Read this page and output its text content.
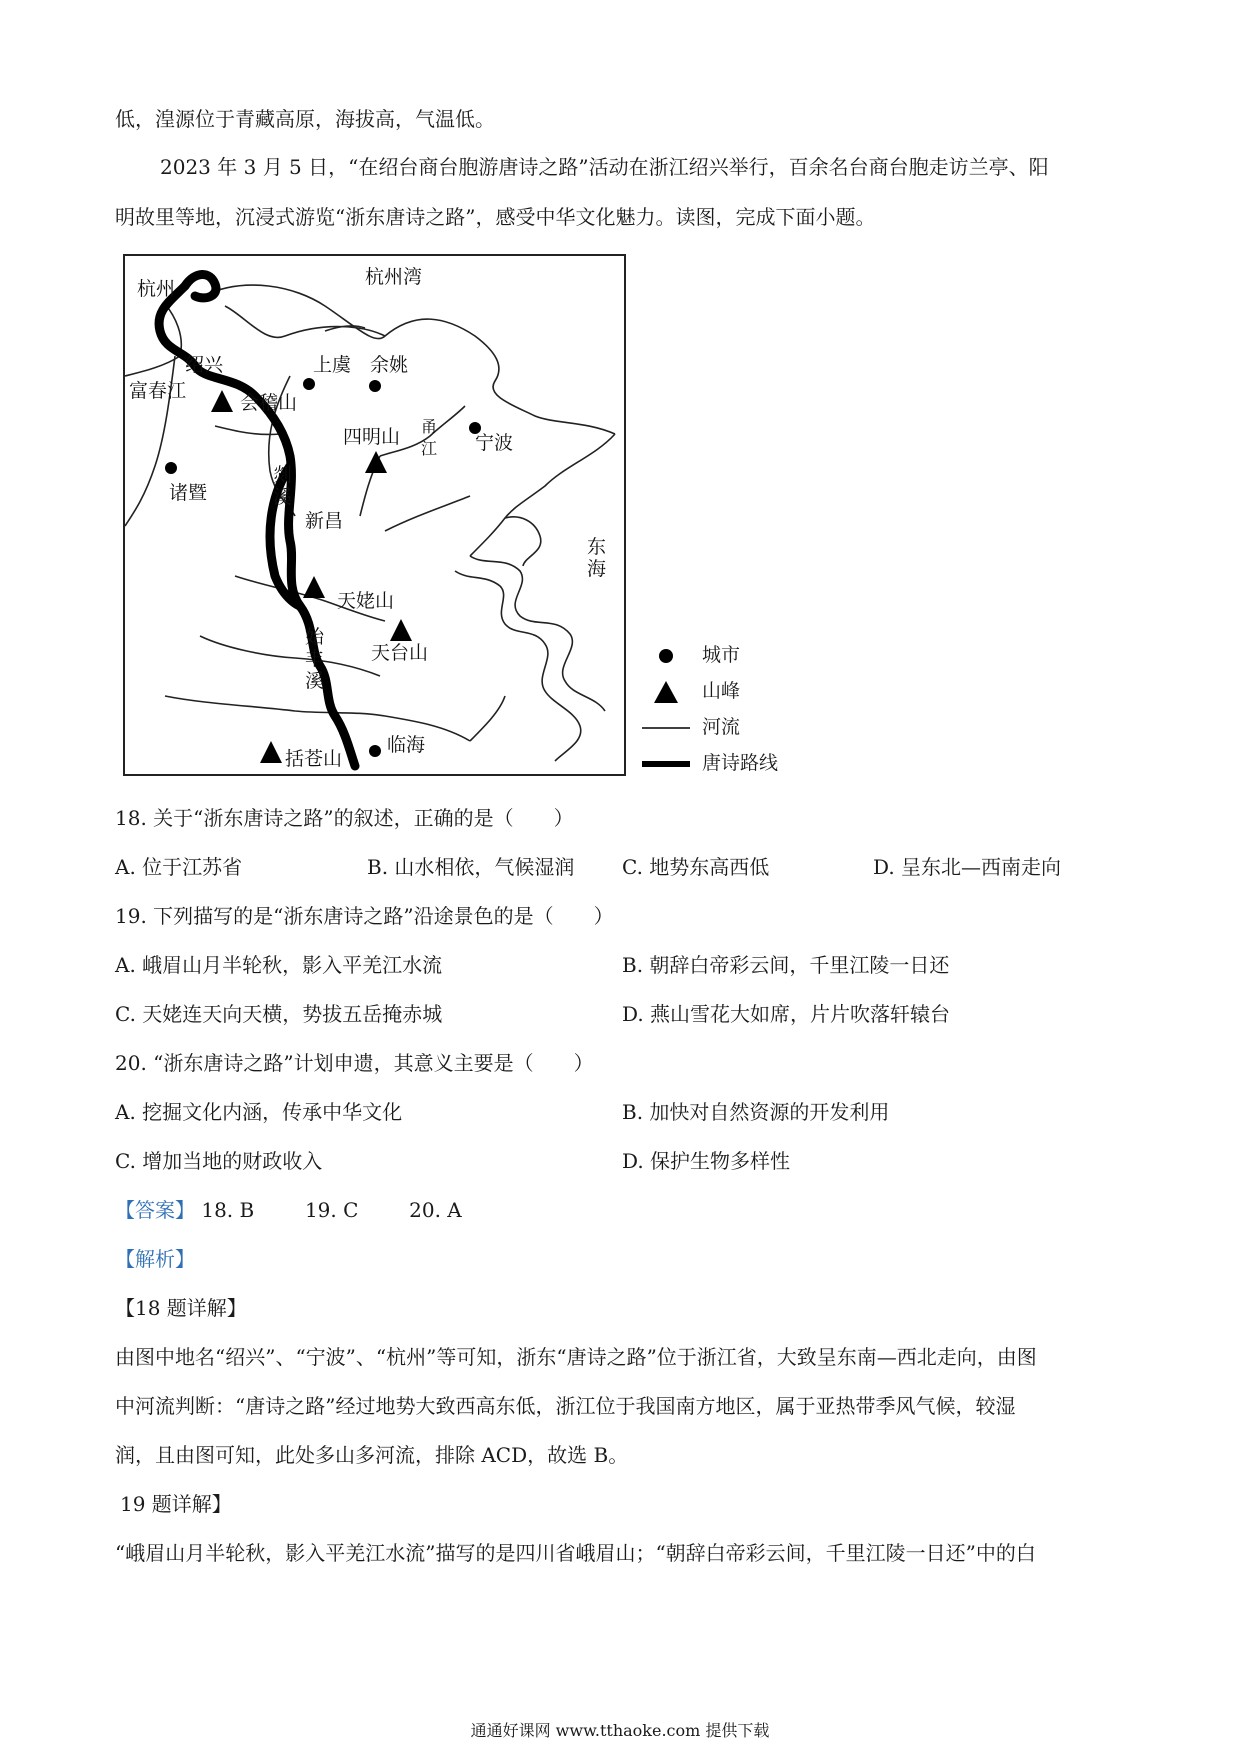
低，湟源位于青藏高原，海拔高，气温低。
2023 年 3 月 5 日，“在绍台商台胞游唐诗之路”活动在浙江绍兴举行，百余名台商台胞走访兰亭、阳
明故里等地，沉浸式游览“浙东唐诗之路”，感受中华文化魅力。读图，完成下面小题。
杭州
杭州湾
绍兴	上虞 余姚
富春江
会稽山
四明山 甬江	宁波
诸暨
剡溪
新昌
东海
天姥山
天台山
始丰溪
临海
括苍山
城市
山峰
河流
唐诗路线
18. 关于“浙东唐诗之路”的叙述，正确的是（　　）
A. 位于江苏省	B. 山水相依，气候湿润 C. 地势东高西低	D. 呈东北—西南走向
19. 下列描写的是“浙东唐诗之路”沿途景色的是（　　）
A. 峨眉山月半轮秋，影入平羌江水流	B. 朝辞白帝彩云间，千里江陵一日还
C. 天姥连天向天横，势拔五岳掩赤城	D. 燕山雪花大如席，片片吹落轩辕台
20. “浙东唐诗之路”计划申遗，其意义主要是（　　）
A. 挖掘文化内涵，传承中华文化	B. 加快对自然资源的开发利用
C. 增加当地的财政收入	D. 保护生物多样性
【答案】 18. B	19. C	20. A
【解析】
【18 题详解】
由图中地名“绍兴”、“宁波”、“杭州”等可知，浙东“唐诗之路”位于浙江省，大致呈东南—西北走向，由图
中河流判断：“唐诗之路”经过地势大致西高东低，浙江位于我国南方地区，属于亚热带季风气候，较湿
润，且由图可知，此处多山多河流，排除 ACD，故选 B。
19 题详解】
“峨眉山月半轮秋，影入平羌江水流”描写的是四川省峨眉山；“朝辞白帝彩云间，千里江陵一日还”中的白
通通好课网 www.tthaoke.com 提供下载
